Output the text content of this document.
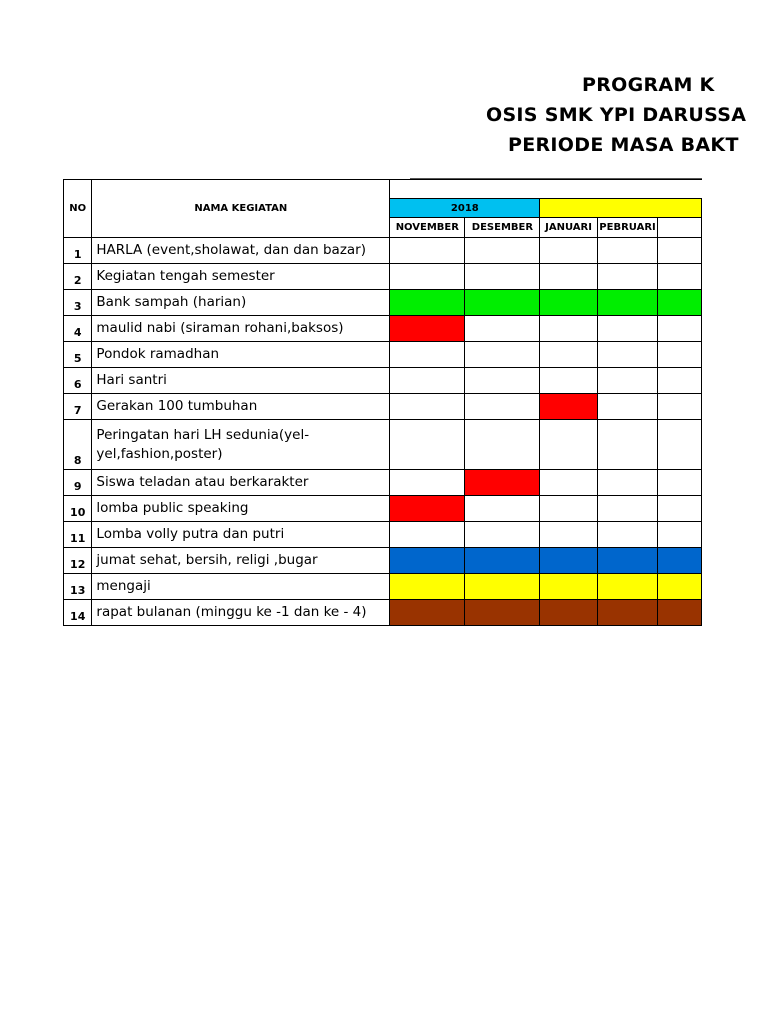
PROGRAM K
OSIS SMK YPI DARUSSA
PERIODE MASA BAKT
NO	NAMA KEGIATAN					
		2018				
		NOVEMBER	DESEMBER	JANUARI	PEBRUARI	
1	HARLA (event,sholawat, dan dan bazar)					
2	Kegiatan tengah semester					
3	Bank sampah (harian)					
4	maulid nabi (siraman rohani,baksos)					
5	Pondok ramadhan					
6	Hari santri					
7	Gerakan 100 tumbuhan					
8	Peringatan hari LH sedunia(yel-yel,fashion,poster)					
9	Siswa teladan atau berkarakter					
10	lomba public speaking					
11	Lomba volly putra dan putri					
12	jumat sehat, bersih, religi ,bugar					
13	mengaji					
14	rapat bulanan (minggu ke -1 dan ke - 4)					
